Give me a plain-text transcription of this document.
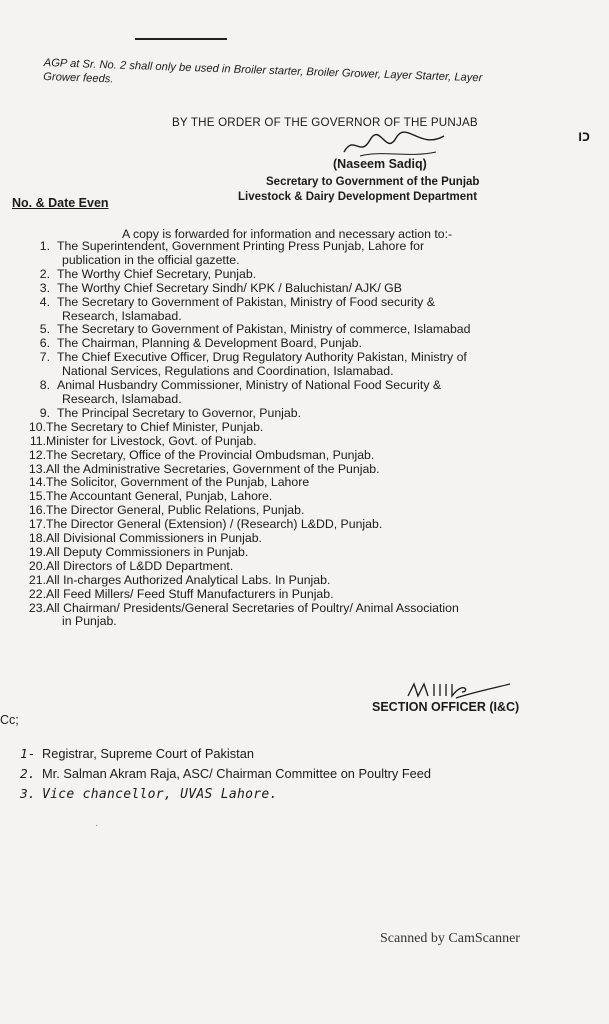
AGP at Sr. No. 2 shall only be used in Broiler starter, Broiler Grower, Layer Starter, Layer Grower feeds.
BY THE ORDER OF THE GOVERNOR OF THE PUNJAB
(Naseem Sadiq)
Secretary to Government of the Punjab
Livestock & Dairy Development Department
כו
No. & Date Even
A copy is forwarded for information and necessary action to:-
1. The Superintendent, Government Printing Press Punjab, Lahore for
publication in the official gazette.
2. The Worthy Chief Secretary, Punjab.
3. The Worthy Chief Secretary Sindh/ KPK / Baluchistan/ AJK/ GB
4. The Secretary to Government of Pakistan, Ministry of Food security &
Research, Islamabad.
5. The Secretary to Government of Pakistan, Ministry of commerce, Islamabad
6. The Chairman, Planning & Development Board, Punjab.
7. The Chief Executive Officer, Drug Regulatory Authority Pakistan, Ministry of
National Services, Regulations and Coordination, Islamabad.
8. Animal Husbandry Commissioner, Ministry of National Food Security &
Research, Islamabad.
9. The Principal Secretary to Governor, Punjab.
10. The Secretary to Chief Minister, Punjab.
11. Minister for Livestock, Govt. of Punjab.
12. The Secretary, Office of the Provincial Ombudsman, Punjab.
13. All the Administrative Secretaries, Government of the Punjab.
14. The Solicitor, Government of the Punjab, Lahore
15. The Accountant General, Punjab, Lahore.
16. The Director General, Public Relations, Punjab.
17. The Director General (Extension) / (Research) L&DD, Punjab.
18. All Divisional Commissioners in Punjab.
19. All Deputy Commissioners in Punjab.
20. All Directors of L&DD Department.
21. All In-charges Authorized Analytical Labs. In Punjab.
22. All Feed Millers/ Feed Stuff Manufacturers in Punjab.
23. All Chairman/ Presidents/General Secretaries of Poultry/ Animal Association
in Punjab.
SECTION OFFICER (I&C)
Cc;
1- Registrar, Supreme Court of Pakistan
2. Mr. Salman Akram Raja, ASC/ Chairman Committee on Poultry Feed
3. Vice chancellor, UVAS Lahore.
·
Scanned by CamScanner
